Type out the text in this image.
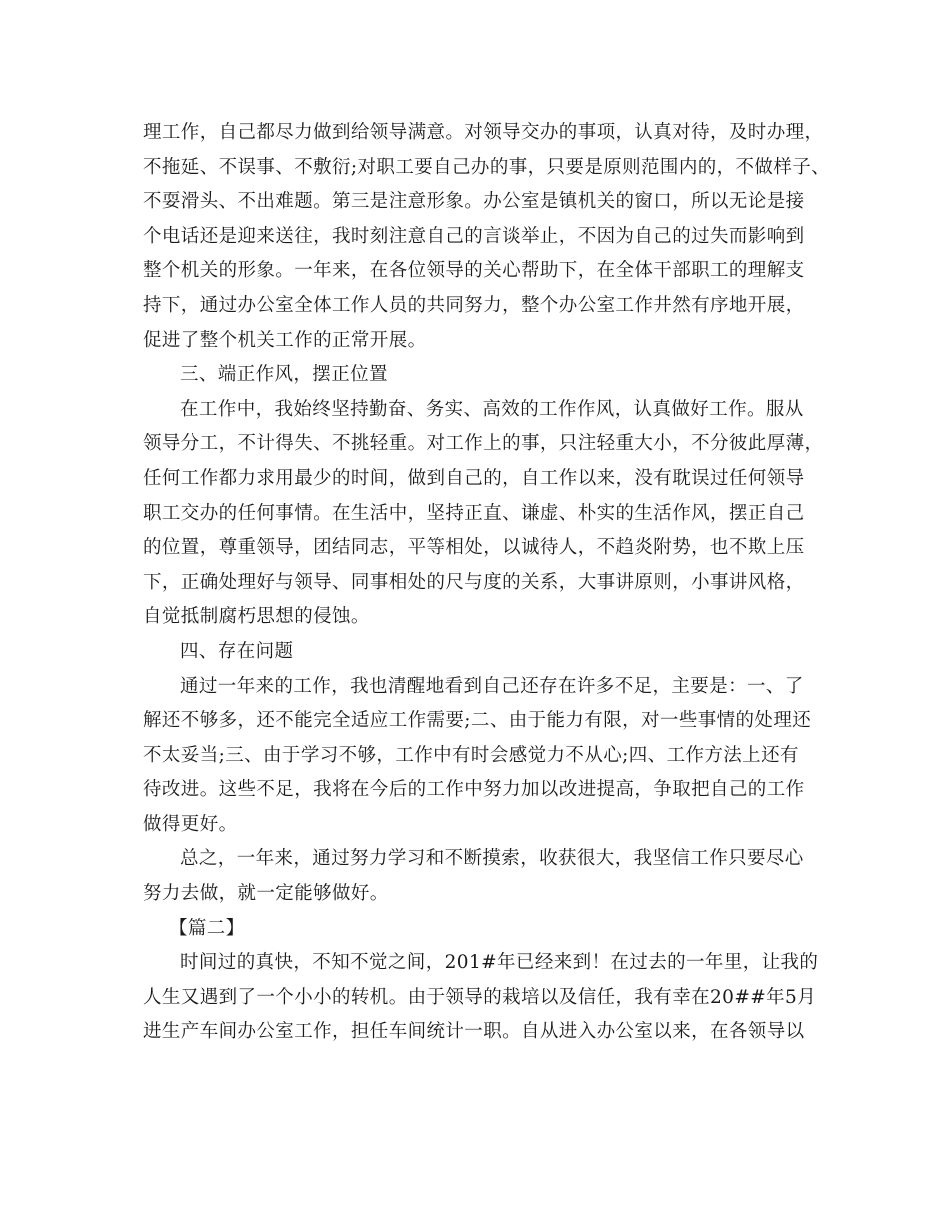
理工作，自己都尽力做到给领导满意。对领导交办的事项，认真对待，及时办理，
不拖延、不误事、不敷衍;对职工要自己办的事，只要是原则范围内的，不做样子、
不耍滑头、不出难题。第三是注意形象。办公室是镇机关的窗口，所以无论是接
个电话还是迎来送往，我时刻注意自己的言谈举止，不因为自己的过失而影响到
整个机关的形象。一年来，在各位领导的关心帮助下，在全体干部职工的理解支
持下，通过办公室全体工作人员的共同努力，整个办公室工作井然有序地开展，
促进了整个机关工作的正常开展。
三、端正作风，摆正位置
在工作中，我始终坚持勤奋、务实、高效的工作作风，认真做好工作。服从
领导分工，不计得失、不挑轻重。对工作上的事，只注轻重大小，不分彼此厚薄，
任何工作都力求用最少的时间，做到自己的，自工作以来，没有耽误过任何领导
职工交办的任何事情。在生活中，坚持正直、谦虚、朴实的生活作风，摆正自己
的位置，尊重领导，团结同志，平等相处，以诚待人，不趋炎附势，也不欺上压
下，正确处理好与领导、同事相处的尺与度的关系，大事讲原则，小事讲风格，
自觉抵制腐朽思想的侵蚀。
四、存在问题
通过一年来的工作，我也清醒地看到自己还存在许多不足，主要是：一、了
解还不够多，还不能完全适应工作需要;二、由于能力有限，对一些事情的处理还
不太妥当;三、由于学习不够，工作中有时会感觉力不从心;四、工作方法上还有
待改进。这些不足，我将在今后的工作中努力加以改进提高，争取把自己的工作
做得更好。
总之，一年来，通过努力学习和不断摸索，收获很大，我坚信工作只要尽心
努力去做，就一定能够做好。
【篇二】
时间过的真快，不知不觉之间，201#年已经来到！在过去的一年里，让我的
人生又遇到了一个小小的转机。由于领导的栽培以及信任，我有幸在20##年5月
进生产车间办公室工作，担任车间统计一职。自从进入办公室以来，在各领导以
